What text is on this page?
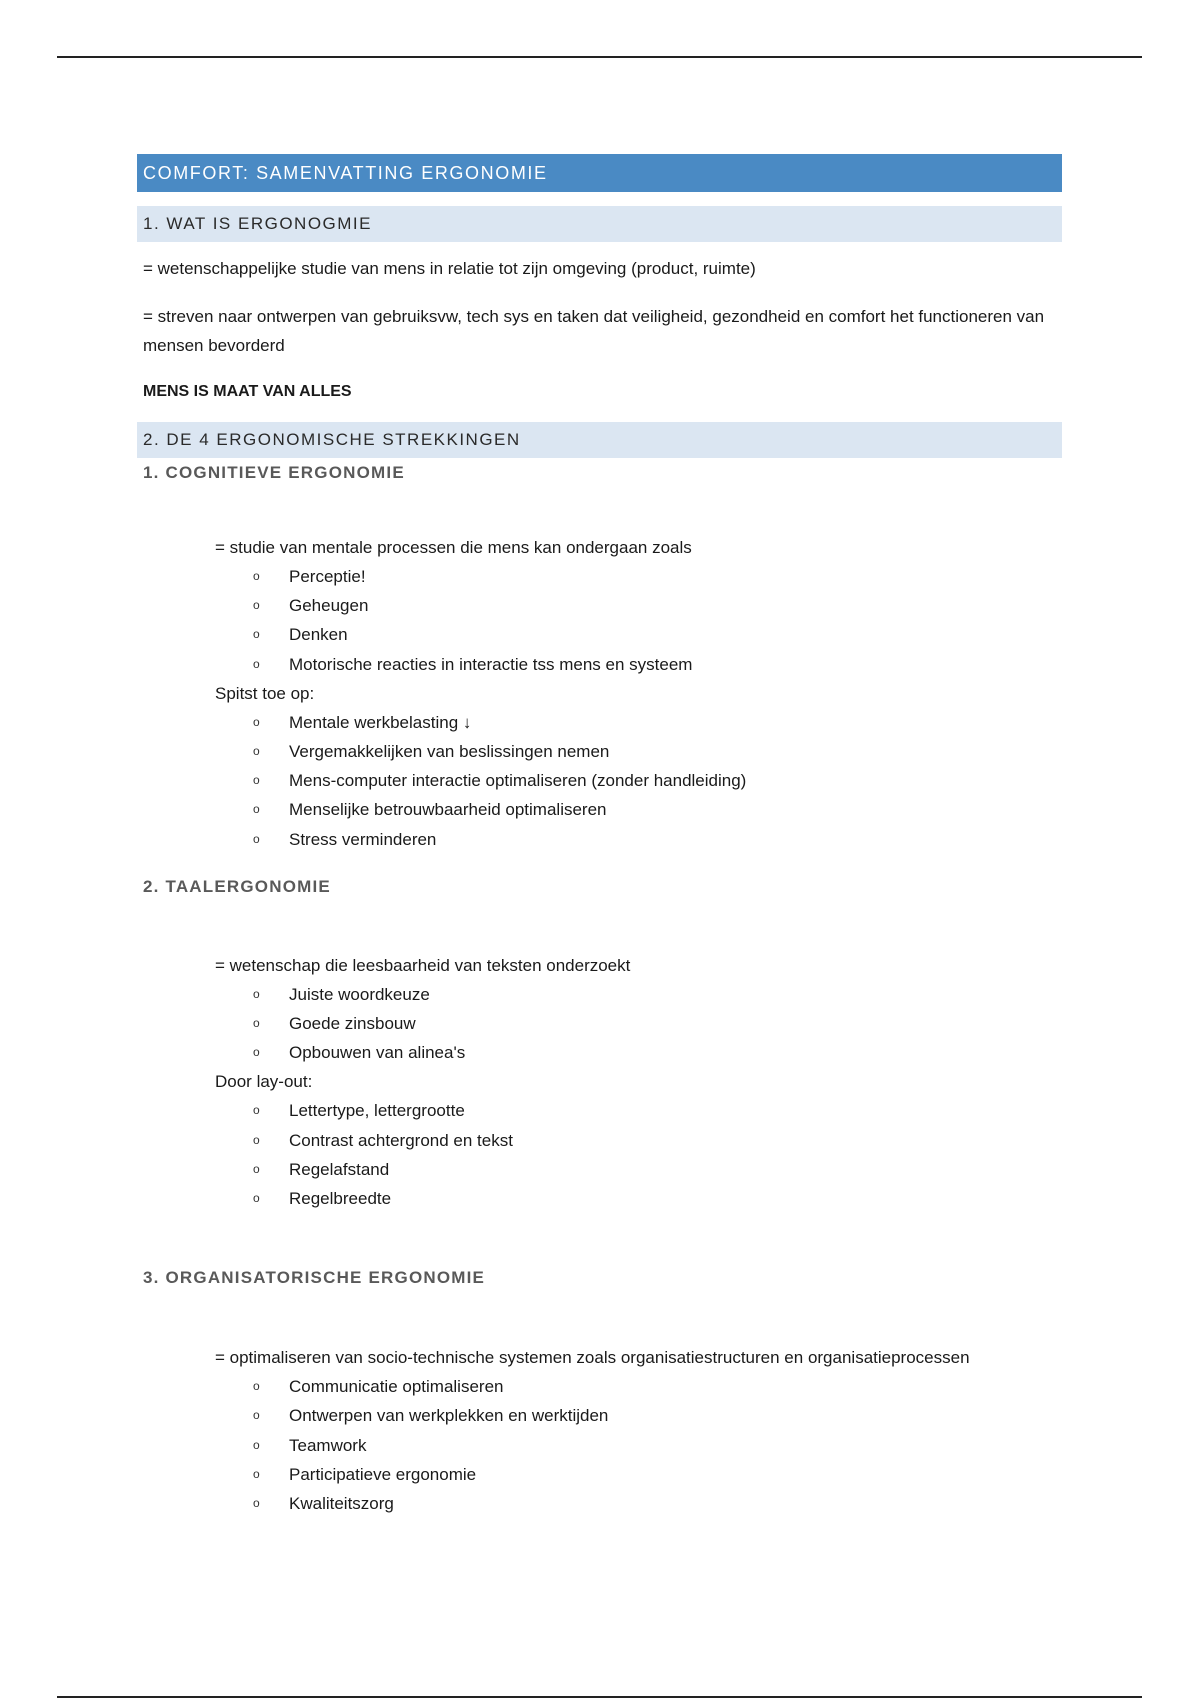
COMFORT: SAMENVATTING ERGONOMIE
1. WAT IS ERGONOGMIE
= wetenschappelijke studie van mens in relatie tot zijn omgeving (product, ruimte)
= streven naar ontwerpen van gebruiksvw, tech sys en taken dat veiligheid, gezondheid en comfort het functioneren van mensen bevorderd
MENS IS MAAT VAN ALLES
2. DE 4 ERGONOMISCHE STREKKINGEN
1. COGNITIEVE ERGONOMIE
= studie van mentale processen die mens kan ondergaan zoals
o Perceptie!
o Geheugen
o Denken
o Motorische reacties in interactie tss mens en systeem
Spitst toe op:
o Mentale werkbelasting ↓
o Vergemakkelijken van beslissingen nemen
o Mens-computer interactie optimaliseren (zonder handleiding)
o Menselijke betrouwbaarheid optimaliseren
o Stress verminderen
2. TAALERGONOMIE
= wetenschap die leesbaarheid van teksten onderzoekt
o Juiste woordkeuze
o Goede zinsbouw
o Opbouwen van alinea's
Door lay-out:
o Lettertype, lettergrootte
o Contrast achtergrond en tekst
o Regelafstand
o Regelbreedte
3. ORGANISATORISCHE ERGONOMIE
= optimaliseren van socio-technische systemen zoals organisatiestructuren en organisatieprocessen
o Communicatie optimaliseren
o Ontwerpen van werkplekken en werktijden
o Teamwork
o Participatieve ergonomie
o Kwaliteitszorg
